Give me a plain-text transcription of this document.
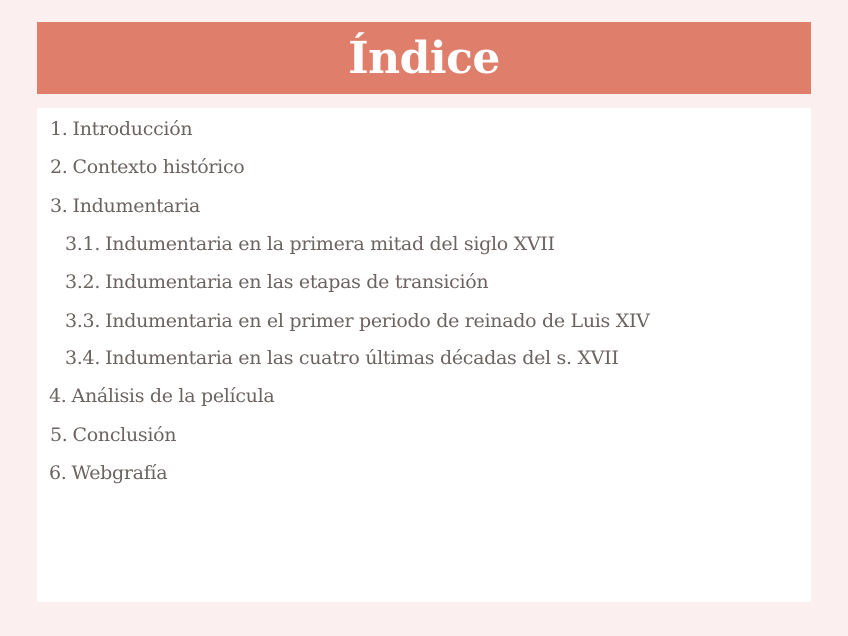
Índice
1. Introducción
2. Contexto histórico
3. Indumentaria
3.1. Indumentaria en la primera mitad del siglo XVII
3.2. Indumentaria en las etapas de transición
3.3. Indumentaria en el primer periodo de reinado de Luis XIV
3.4. Indumentaria en las cuatro últimas décadas del s. XVII
4. Análisis de la película
5. Conclusión
6. Webgrafía
